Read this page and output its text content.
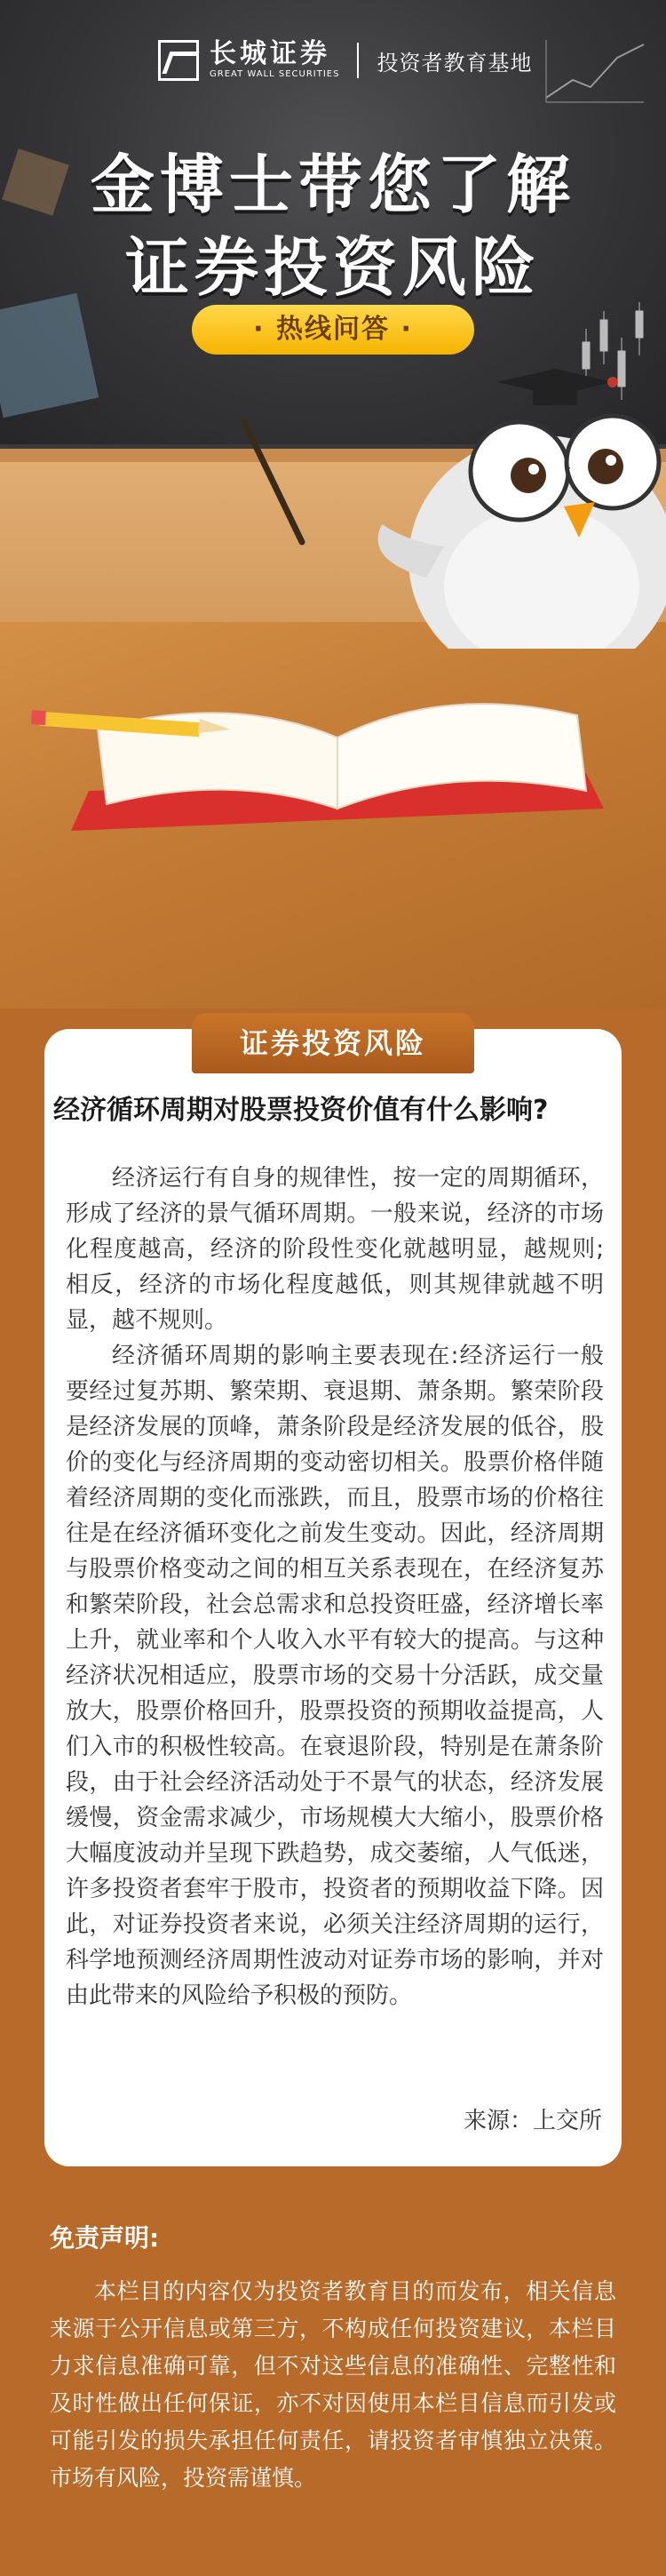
长城证券
GREAT WALL SECURITIES 投资者教育基地
金博士带您了解
证券投资风险
· 热线问答 ·
证券投资风险
经济循环周期对股票投资价值有什么影响?

经济运行有自身的规律性，按一定的周期循环，形成了经济的景气循环周期。一般来说，经济的市场化程度越高，经济的阶段性变化就越明显，越规则;相反，经济的市场化程度越低，则其规律就越不明显，越不规则。

经济循环周期的影响主要表现在:经济运行一般要经过复苏期、繁荣期、衰退期、萧条期。繁荣阶段是经济发展的顶峰，萧条阶段是经济发展的低谷，股价的变化与经济周期的变动密切相关。股票价格伴随着经济周期的变化而涨跌，而且，股票市场的价格往往是在经济循环变化之前发生变动。因此，经济周期与股票价格变动之间的相互关系表现在，在经济复苏和繁荣阶段，社会总需求和总投资旺盛，经济增长率上升，就业率和个人收入水平有较大的提高。与这种经济状况相适应，股票市场的交易十分活跃，成交量放大，股票价格回升，股票投资的预期收益提高，人们入市的积极性较高。在衰退阶段，特别是在萧条阶段，由于社会经济活动处于不景气的状态，经济发展缓慢，资金需求减少，市场规模大大缩小，股票价格大幅度波动并呈现下跌趋势，成交萎缩，人气低迷，许多投资者套牢于股市，投资者的预期收益下降。因此，对证券投资者来说，必须关注经济周期的运行，科学地预测经济周期性波动对证券市场的影响，并对由此带来的风险给予积极的预防。

来源：上交所
免责声明:

本栏目的内容仅为投资者教育目的而发布，相关信息来源于公开信息或第三方，不构成任何投资建议，本栏目力求信息准确可靠，但不对这些信息的准确性、完整性和及时性做出任何保证，亦不对因使用本栏目信息而引发或可能引发的损失承担任何责任，请投资者审慎独立决策。市场有风险，投资需谨慎。
